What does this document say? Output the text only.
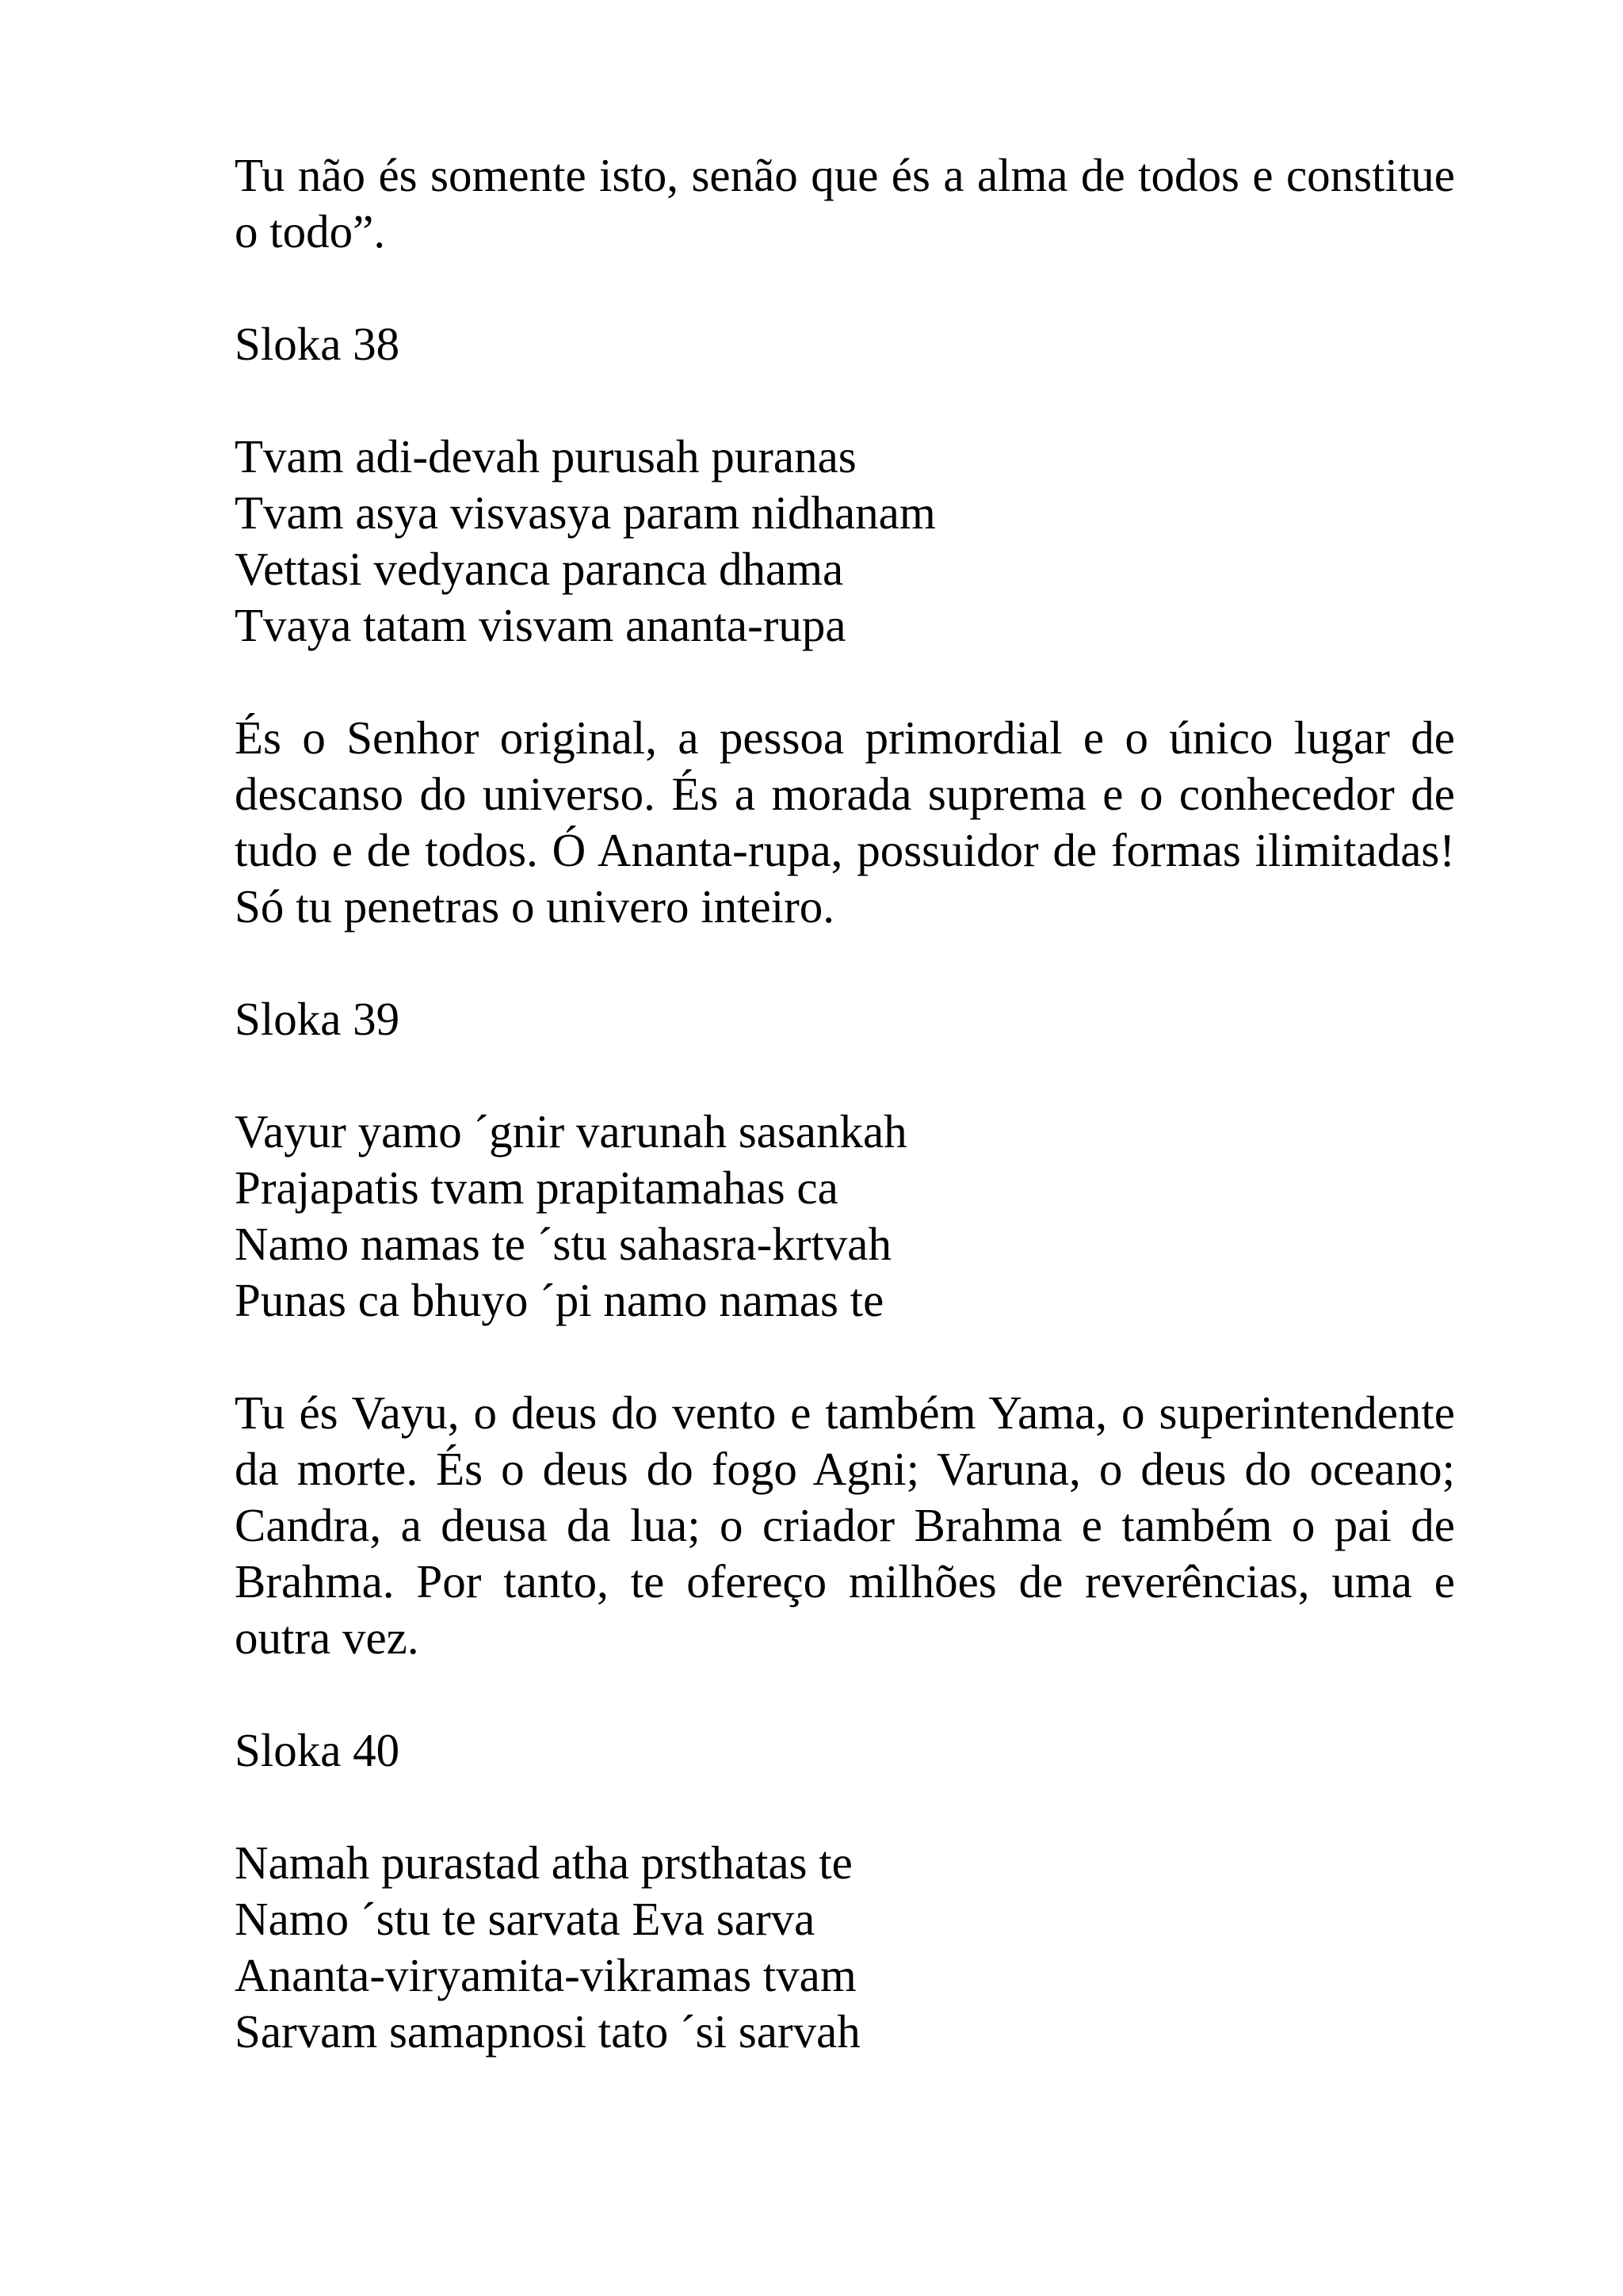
Tu não és somente isto, senão que és a alma de todos e constitue o todo”.

Sloka 38

Tvam adi-devah purusah puranas
Tvam asya visvasya param nidhanam
Vettasi vedyanca paranca dhama
Tvaya tatam visvam ananta-rupa

És o Senhor original, a pessoa primordial e o único lugar de descanso do universo. És a morada suprema e o conhecedor de tudo e de todos. Ó Ananta-rupa, possuidor de formas ilimitadas! Só tu penetras o univero inteiro.

Sloka 39

Vayur yamo ´gnir varunah sasankah
Prajapatis tvam prapitamahas ca
Namo namas te ´stu sahasra-krtvah
Punas ca bhuyo ´pi namo namas te

Tu és Vayu, o deus do vento e também Yama, o superintendente da morte. És o deus do fogo Agni; Varuna, o deus do oceano; Candra, a deusa da lua; o criador Brahma e também o pai de Brahma. Por tanto, te ofereço milhões de reverências, uma e outra vez.

Sloka 40

Namah purastad atha prsthatas te
Namo ´stu te sarvata Eva sarva
Ananta-viryamita-vikramas tvam
Sarvam samapnosi tato ´si sarvah
